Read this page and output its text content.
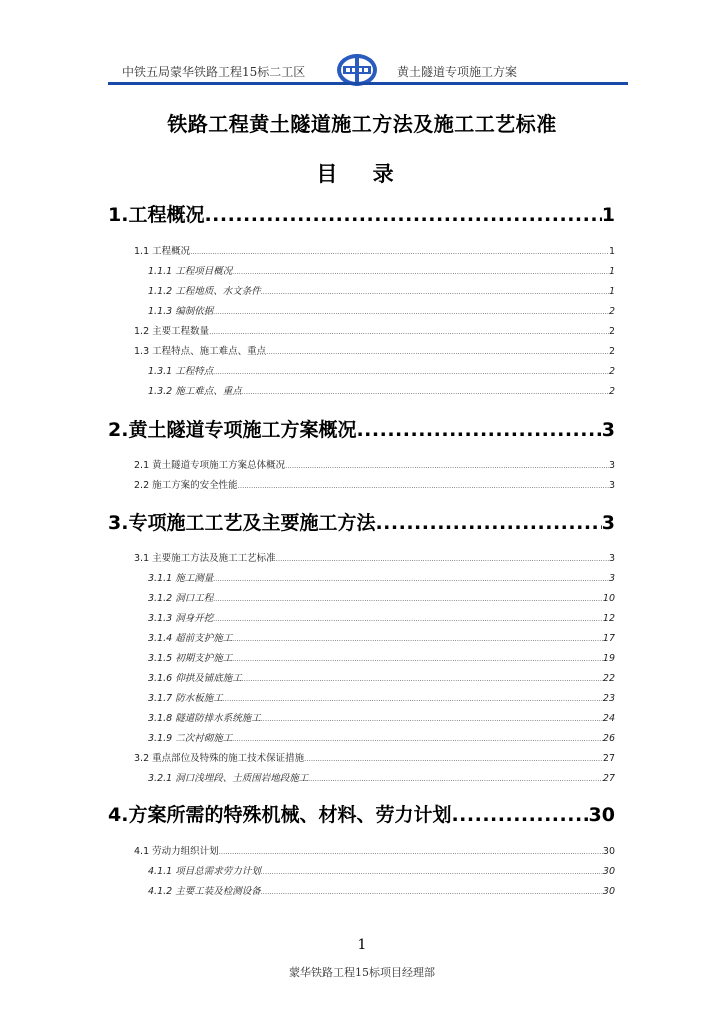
中铁五局蒙华铁路工程15标二工区	黄土隧道专项施工方案
铁路工程黄土隧道施工方法及施工工艺标准
目 录
1.工程概况 .....	1
1.1 工程概况 .....	1
1.1.1 工程项目概况 .....	1
1.1.2 工程地质、水文条件 .....	1
1.1.3 编制依据 .....	2
1.2 主要工程数量 .....	2
1.3 工程特点、施工难点、重点 .....	2
1.3.1 工程特点 .....	2
1.3.2 施工难点、重点 .....	2
2.黄土隧道专项施工方案概况 .....	3
2.1 黄土隧道专项施工方案总体概况 .....	3
2.2 施工方案的安全性能 .....	3
3.专项施工工艺及主要施工方法 .....	3
3.1 主要施工方法及施工工艺标准 .....	3
3.1.1 施工测量 .....	3
3.1.2 洞口工程 .....	10
3.1.3 洞身开挖 .....	12
3.1.4 超前支护施工 .....	17
3.1.5 初期支护施工 .....	19
3.1.6 仰拱及铺底施工 .....	22
3.1.7 防水板施工 .....	23
3.1.8 隧道防排水系统施工 .....	24
3.1.9 二次衬砌施工 .....	26
3.2 重点部位及特殊的施工技术保证措施 .....	27
3.2.1 洞口浅埋段、土质围岩地段施工 .....	27
4.方案所需的特殊机械、材料、劳力计划 .....	30
4.1 劳动力组织计划 .....	30
4.1.1 项目总需求劳力计划 .....	30
4.1.2 主要工装及检测设备 .....	30
1
蒙华铁路工程15标项目经理部
